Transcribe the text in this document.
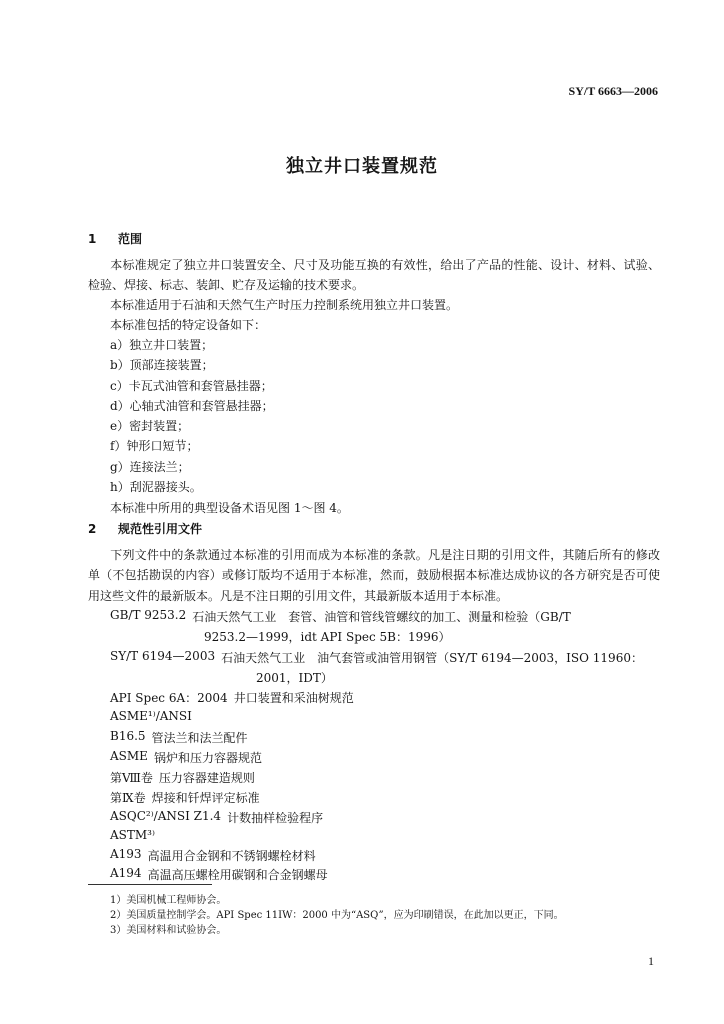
SY/T 6663—2006
独立井口装置规范
1 范围
本标准规定了独立井口装置安全、尺寸及功能互换的有效性，给出了产品的性能、设计、材料、试验、检验、焊接、标志、装卸、贮存及运输的技术要求。
本标准适用于石油和天然气生产时压力控制系统用独立井口装置。
本标准包括的特定设备如下：
a）独立井口装置；
b）顶部连接装置；
c）卡瓦式油管和套管悬挂器；
d）心轴式油管和套管悬挂器；
e）密封装置；
f）钟形口短节；
g）连接法兰；
h）刮泥器接头。
本标准中所用的典型设备术语见图 1～图 4。
2 规范性引用文件
下列文件中的条款通过本标准的引用而成为本标准的条款。凡是注日期的引用文件，其随后所有的修改单（不包括勘误的内容）或修订版均不适用于本标准，然而，鼓励根据本标准达成协议的各方研究是否可使用这些文件的最新版本。凡是不注日期的引用文件，其最新版本适用于本标准。
GB/T 9253.2 石油天然气工业　套管、油管和管线管螺纹的加工、测量和检验（GB/T
9253.2—1999，idt API Spec 5B：1996）
SY/T 6194—2003 石油天然气工业　油气套管或油管用钢管（SY/T 6194—2003，ISO 11960：
2001，IDT）
API Spec 6A：2004 井口装置和采油树规范
ASME¹⁾/ANSI
B16.5 管法兰和法兰配件
ASME 锅炉和压力容器规范
第Ⅷ卷 压力容器建造规则
第Ⅸ卷 焊接和钎焊评定标准
ASQC²⁾/ANSI Z1.4 计数抽样检验程序
ASTM³⁾
A193 高温用合金钢和不锈钢螺栓材料
A194 高温高压螺栓用碳钢和合金钢螺母
1）美国机械工程师协会。
2）美国质量控制学会。API Spec 11IW：2000 中为“ASQ”，应为印刷错误，在此加以更正，下同。
3）美国材料和试验协会。
1
